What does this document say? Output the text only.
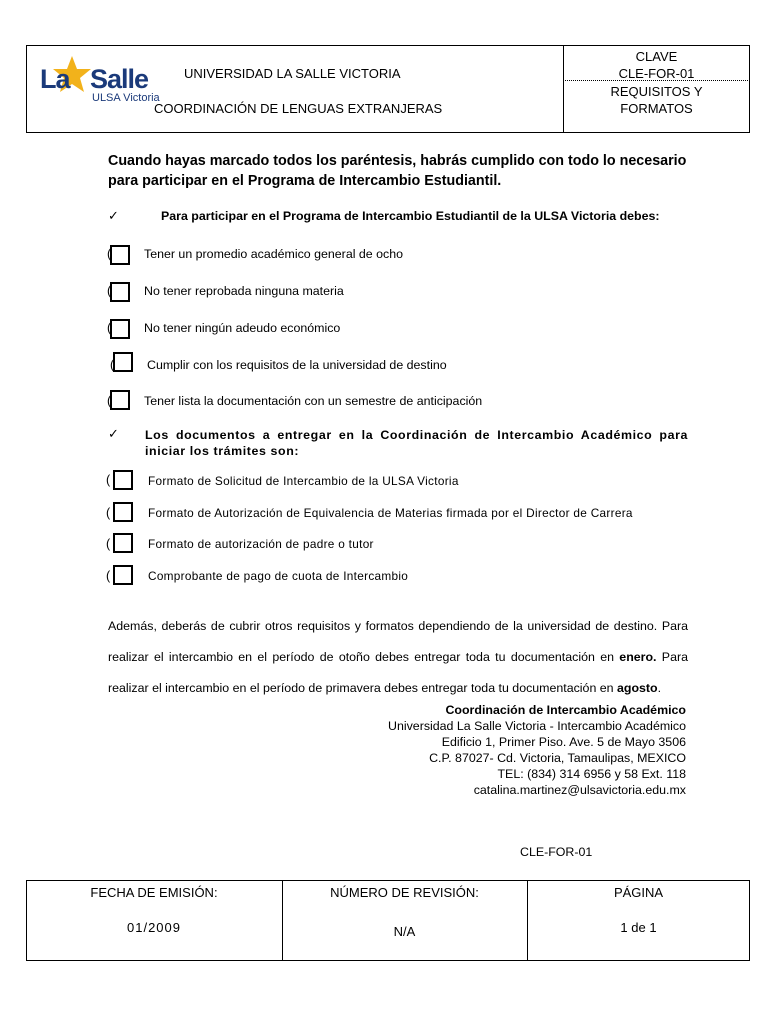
La Salle
ULSA Victoria
UNIVERSIDAD LA SALLE VICTORIA
COORDINACIÓN DE LENGUAS EXTRANJERAS
CLAVE
CLE-FOR-01
REQUISITOS Y
FORMATOS
Cuando hayas marcado todos los paréntesis, habrás cumplido con todo lo necesario para participar en el Programa de Intercambio Estudiantil.
✓	Para participar en el Programa de Intercambio Estudiantil de la ULSA Victoria debes:
(	Tener un promedio académico general de ocho
(	No tener reprobada ninguna materia
(	No tener ningún adeudo económico
(	Cumplir con los requisitos de la universidad de destino
(	Tener lista la documentación con un semestre de anticipación
✓ Los documentos a entregar en la Coordinación de Intercambio Académico para iniciar los trámites son:
(	Formato de Solicitud de Intercambio de la ULSA Victoria
(	Formato de Autorización de Equivalencia de Materias firmada por el Director de Carrera
(	Formato de autorización de padre o tutor
(	Comprobante de pago de cuota de Intercambio
Además, deberás de cubrir otros requisitos y formatos dependiendo de la universidad de destino. Para realizar el intercambio en el período de otoño debes entregar toda tu documentación en enero. Para realizar el intercambio en el período de primavera debes entregar toda tu documentación en agosto.
Coordinación de Intercambio Académico
Universidad La Salle Victoria - Intercambio Académico
Edificio 1, Primer Piso. Ave. 5 de Mayo 3506
C.P. 87027- Cd. Victoria, Tamaulipas, MEXICO
TEL: (834) 314 6956 y 58 Ext. 118
catalina.martinez@ulsavictoria.edu.mx
CLE-FOR-01
FECHA DE EMISIÓN:
01/2009
NÚMERO DE REVISIÓN:
N/A
PÁGINA
1 de 1
